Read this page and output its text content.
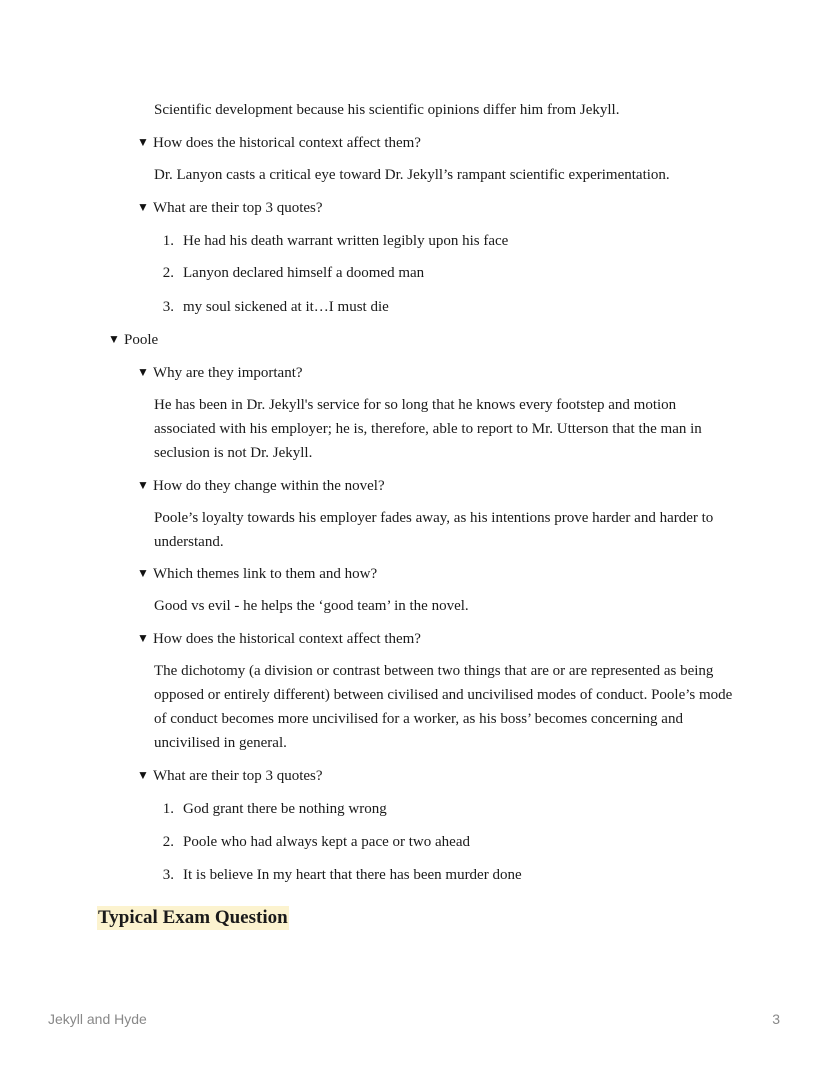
Scientific development because his scientific opinions differ him from Jekyll.
▼ How does the historical context affect them?
Dr. Lanyon casts a critical eye toward Dr. Jekyll’s rampant scientific experimentation.
▼ What are their top 3 quotes?
1. He had his death warrant written legibly upon his face
2. Lanyon declared himself a doomed man
3. my soul sickened at it…I must die
▼ Poole
▼ Why are they important?
He has been in Dr. Jekyll's service for so long that he knows every footstep and motion associated with his employer; he is, therefore, able to report to Mr. Utterson that the man in seclusion is not Dr. Jekyll.
▼ How do they change within the novel?
Poole’s loyalty towards his employer fades away, as his intentions prove harder and harder to understand.
▼ Which themes link to them and how?
Good vs evil - he helps the ‘good team’ in the novel.
▼ How does the historical context affect them?
The dichotomy (a division or contrast between two things that are or are represented as being opposed or entirely different) between civilised and uncivilised modes of conduct. Poole’s mode of conduct becomes more uncivilised for a worker, as his boss’ becomes concerning and uncivilised in general.
▼ What are their top 3 quotes?
1. God grant there be nothing wrong
2. Poole who had always kept a pace or two ahead
3. It is believe In my heart that there has been murder done
Typical Exam Question
Jekyll and Hyde	3
